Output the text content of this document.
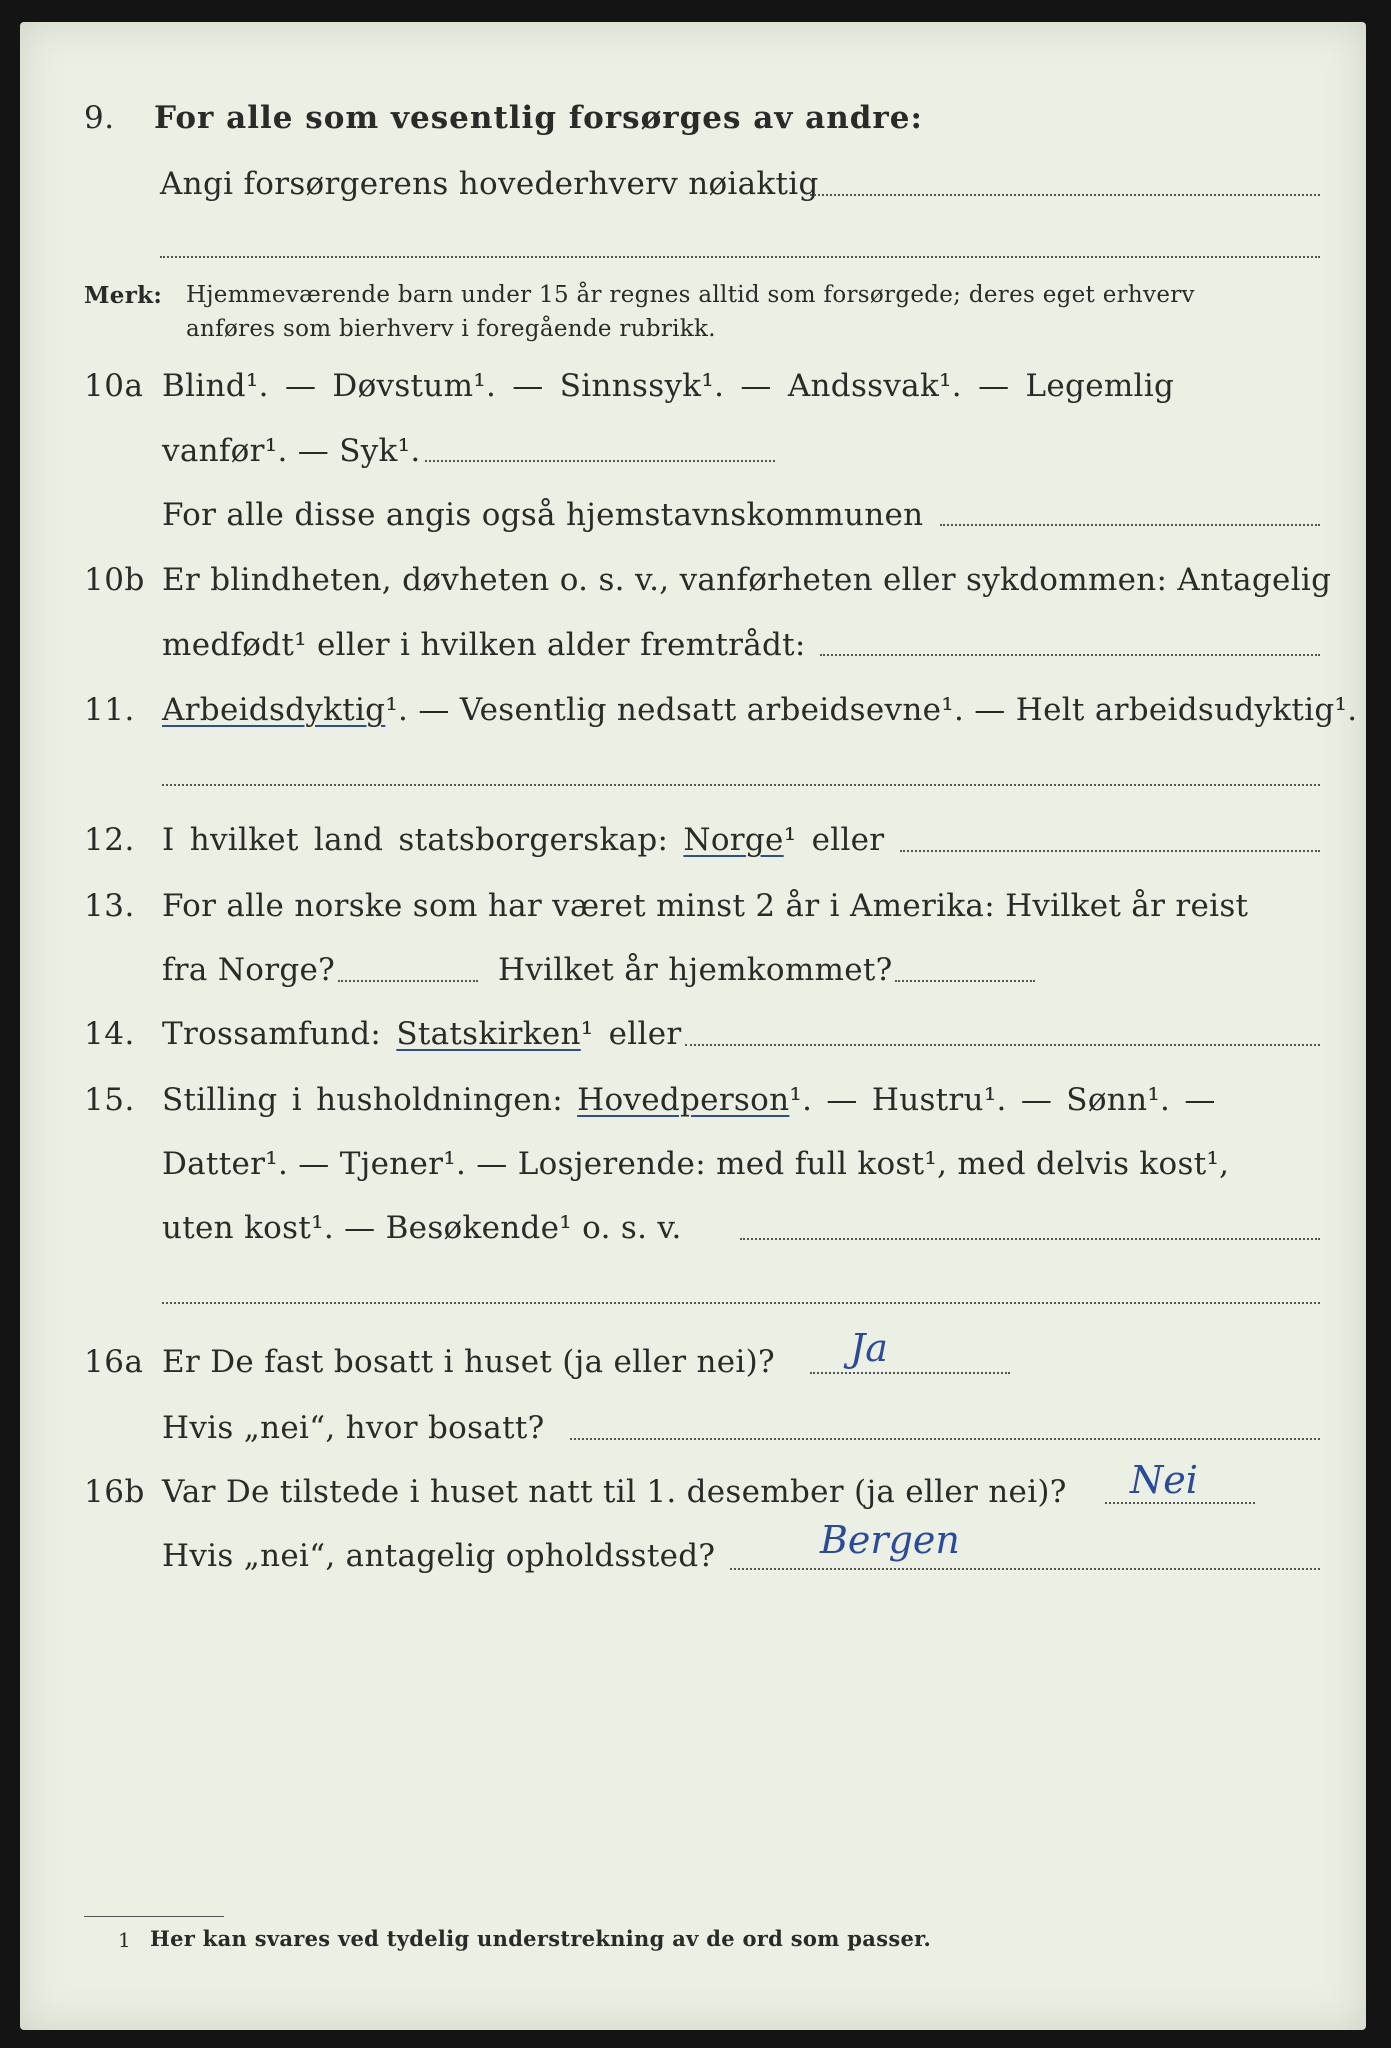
9. For alle som vesentlig forsørges av andre:
Angi forsørgerens hovederhverv nøiaktig
Merk: Hjemmeværende barn under 15 år regnes alltid som forsørgede; deres eget erhverv
anføres som bierhverv i foregående rubrikk.
10a Blind¹. — Døvstum¹. — Sinnssyk¹. — Andssvak¹. — Legemlig
vanfør¹. — Syk¹.
For alle disse angis også hjemstavnskommunen
10b Er blindheten, døvheten o. s. v., vanførheten eller sykdommen: Antagelig
medfødt¹ eller i hvilken alder fremtrådt:
11. Arbeidsdyktig¹. — Vesentlig nedsatt arbeidsevne¹. — Helt arbeidsudyktig¹.
12. I hvilket land statsborgerskap: Norge¹ eller
13. For alle norske som har været minst 2 år i Amerika: Hvilket år reist
fra Norge?	Hvilket år hjemkommet?
14. Trossamfund: Statskirken¹ eller
15. Stilling i husholdningen: Hovedperson¹. — Hustru¹. — Sønn¹. —
Datter¹. — Tjener¹. — Losjerende: med full kost¹, med delvis kost¹,
uten kost¹. — Besøkende¹ o. s. v.
16a Er De fast bosatt i huset (ja eller nei)? Ja
Hvis „nei“, hvor bosatt?
16b Var De tilstede i huset natt til 1. desember (ja eller nei)? Nei
Hvis „nei“, antagelig opholdssted?	Bergen
1 Her kan svares ved tydelig understrekning av de ord som passer.
